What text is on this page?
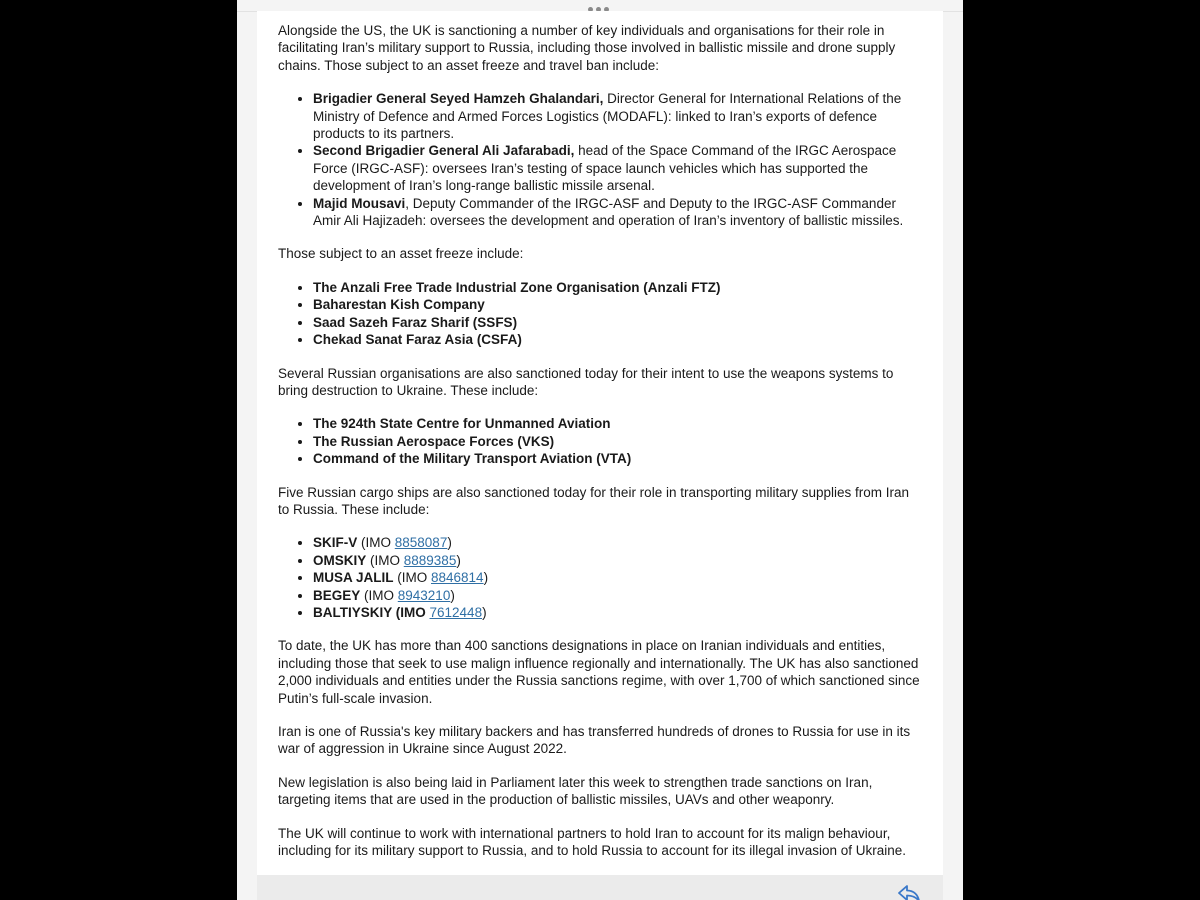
Alongside the US, the UK is sanctioning a number of key individuals and organisations for their role in facilitating Iran’s military support to Russia, including those involved in ballistic missile and drone supply chains. Those subject to an asset freeze and travel ban include:

• Brigadier General Seyed Hamzeh Ghalandari, Director General for International Relations of the Ministry of Defence and Armed Forces Logistics (MODAFL): linked to Iran’s exports of defence products to its partners.
• Second Brigadier General Ali Jafarabadi, head of the Space Command of the IRGC Aerospace Force (IRGC-ASF): oversees Iran’s testing of space launch vehicles which has supported the development of Iran’s long-range ballistic missile arsenal.
• Majid Mousavi, Deputy Commander of the IRGC-ASF and Deputy to the IRGC-ASF Commander Amir Ali Hajizadeh: oversees the development and operation of Iran’s inventory of ballistic missiles.

Those subject to an asset freeze include:

• The Anzali Free Trade Industrial Zone Organisation (Anzali FTZ)
• Baharestan Kish Company
• Saad Sazeh Faraz Sharif (SSFS)
• Chekad Sanat Faraz Asia (CSFA)

Several Russian organisations are also sanctioned today for their intent to use the weapons systems to bring destruction to Ukraine. These include:

• The 924th State Centre for Unmanned Aviation
• The Russian Aerospace Forces (VKS)
• Command of the Military Transport Aviation (VTA)

Five Russian cargo ships are also sanctioned today for their role in transporting military supplies from Iran to Russia. These include:

• SKIF-V (IMO 8858087)
• OMSKIY (IMO 8889385)
• MUSA JALIL (IMO 8846814)
• BEGEY (IMO 8943210)
• BALTIYSKIY (IMO 7612448)

To date, the UK has more than 400 sanctions designations in place on Iranian individuals and entities, including those that seek to use malign influence regionally and internationally. The UK has also sanctioned 2,000 individuals and entities under the Russia sanctions regime, with over 1,700 of which sanctioned since Putin’s full-scale invasion.

Iran is one of Russia's key military backers and has transferred hundreds of drones to Russia for use in its war of aggression in Ukraine since August 2022.

New legislation is also being laid in Parliament later this week to strengthen trade sanctions on Iran, targeting items that are used in the production of ballistic missiles, UAVs and other weaponry.

The UK will continue to work with international partners to hold Iran to account for its malign behaviour, including for its military support to Russia, and to hold Russia to account for its illegal invasion of Ukraine.
